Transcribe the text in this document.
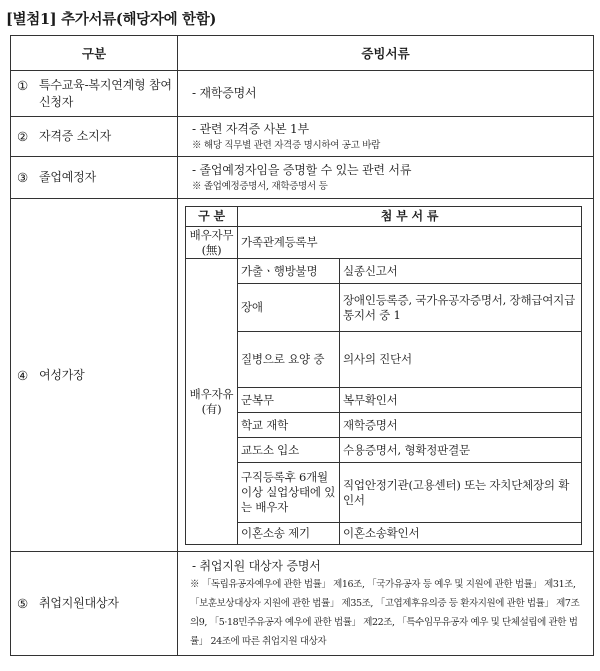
[별첨1] 추가서류(해당자에 한함)
구분	증빙서류

① 특수교육-복지연계형 참여 신청자

- 재학증명서

② 자격증 소지자

- 관련 자격증 사본 1부
※ 해당 직무별 관련 자격증 명시하여 공고 바람

③ 졸업예정자

- 졸업예정자임을 증명할 수 있는 관련 서류
※ 졸업예정증명서, 재학증명서 등

④ 여성가장

구 분	첨 부 서 류
배우자무(無)	가족관계등록부
배우자유(有)	가출ㆍ행방불명	실종신고서
장애	장애인등록증, 국가유공자증명서, 장해급여지급통지서 중 1
질병으로 요양 중	의사의 진단서
군복무	복무확인서
학교 재학	재학증명서
교도소 입소	수용증명서, 형확정판결문
구직등록후 6개월 이상 실업상태에 있는 배우자	직업안정기관(고용센터) 또는 자치단체장의 확인서
이혼소송 제기	이혼소송확인서

⑤ 취업지원대상자

- 취업지원 대상자 증명서
※ 「독립유공자예우에 관한 법률」 제16조, 「국가유공자 등 예우 및 지원에 관한 법률」 제31조, 「보훈보상대상자 지원에 관한 법률」 제35조, 「고엽제후유의증 등 환자지원에 관한 법률」 제7조의9, 「5·18민주유공자 예우에 관한 법률」 제22조, 「특수임무유공자 예우 및 단체설립에 관한 법률」 24조에 따른 취업지원 대상자
